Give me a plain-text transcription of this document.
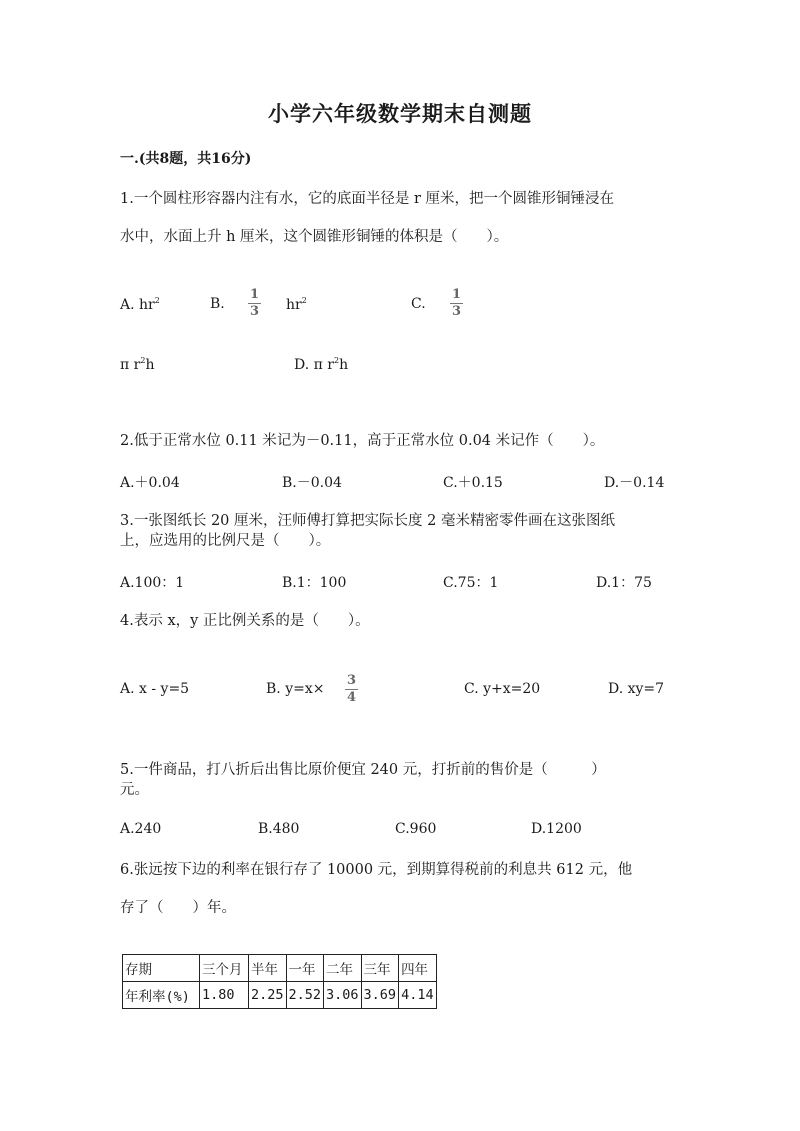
小学六年级数学期末自测题
一.(共8题，共16分)
1.一个圆柱形容器内注有水，它的底面半径是 r 厘米，把一个圆锥形铜锤浸在
水中，水面上升 h 厘米，这个圆锥形铜锤的体积是（　　）。
A. $hr^2$	B. $\frac{1}{3} hr^2$	C. $\frac{1}{3}$
π $r^2h$	D. π $r^2h$
2.低于正常水位 0.11 米记为－0.11，高于正常水位 0.04 米记作（　　）。
A.＋0.04	B.－0.04	C.＋0.15	D.－0.14
3.一张图纸长 20 厘米，汪师傅打算把实际长度 2 毫米精密零件画在这张图纸
上，应选用的比例尺是（　　）。
A.100：1	B.1：100	C.75：1	D.1：75
4.表示 x，y 正比例关系的是（　　）。
A. x - y=5	B. $y=x\times \frac{3}{4}$	C. y+x=20	D. xy=7
5.一件商品，打八折后出售比原价便宜 240 元，打折前的售价是（　　　）
元。
A.240	B.480	C.960	D.1200
6.张远按下边的利率在银行存了 10000 元，到期算得税前的利息共 612 元，他
存了（　　）年。
存期	三个月	半年	一年	二年	三年	四年
年利率(%)	1.80	2.25	2.52	3.06	3.69	4.14
